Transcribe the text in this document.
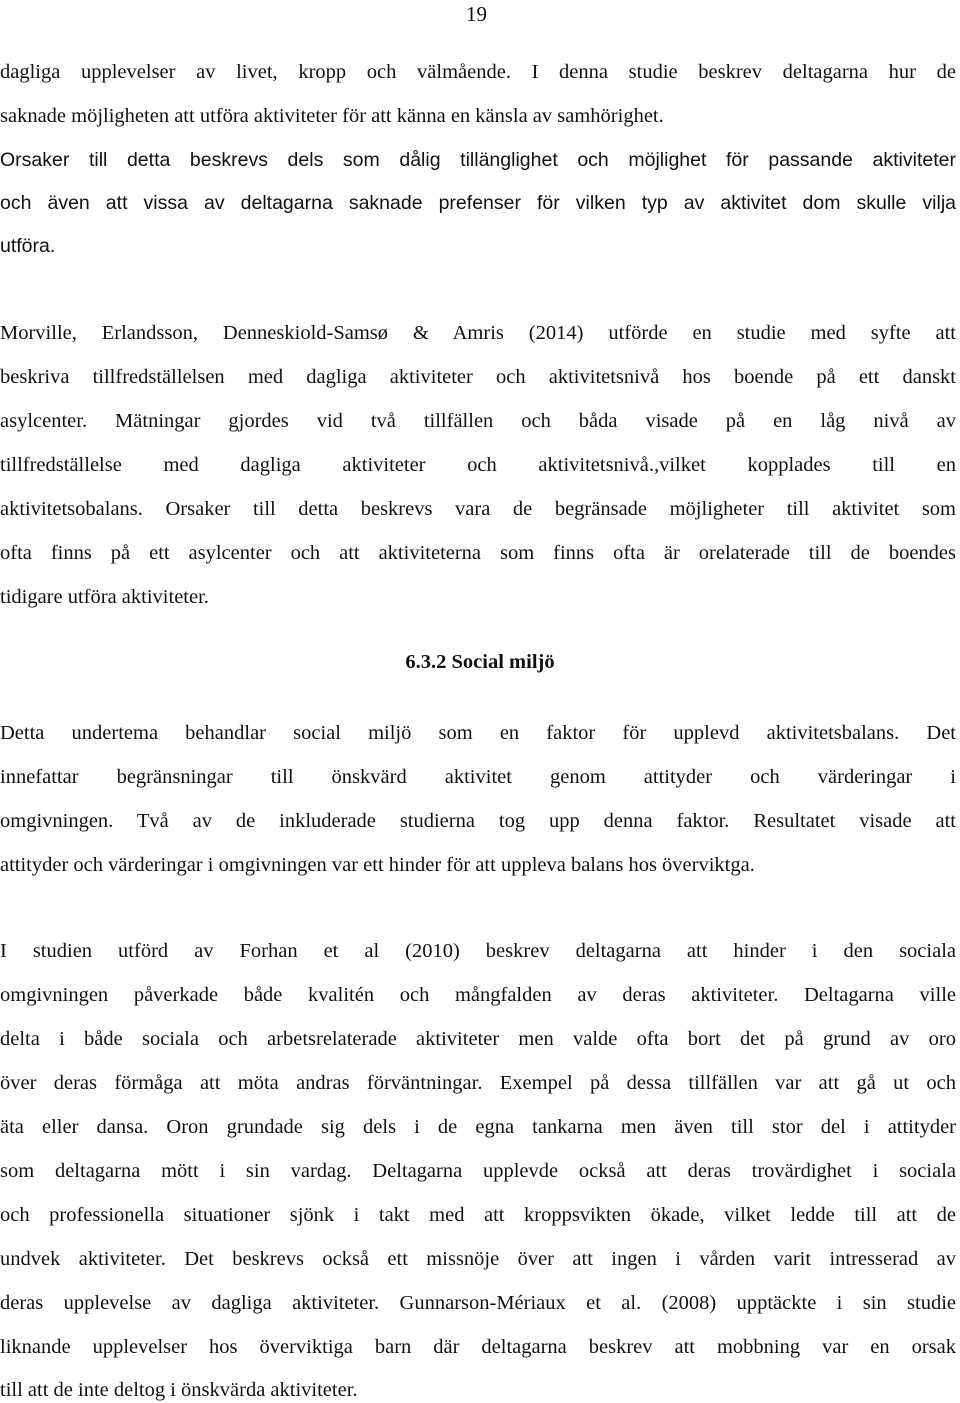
19
dagliga upplevelser av livet, kropp och välmående. I denna studie beskrev deltagarna hur de
saknade möjligheten att utföra aktiviteter för att känna en känsla av samhörighet.
Orsaker till detta beskrevs dels som dålig tillänglighet och möjlighet för passande aktiviteter
och även att vissa av deltagarna saknade prefenser för vilken typ av aktivitet dom skulle vilja
utföra.
Morville, Erlandsson, Denneskiold-Samsø & Amris (2014) utförde en studie med syfte att
beskriva tillfredställelsen med dagliga aktiviteter och aktivitetsnivå hos boende på ett danskt
asylcenter. Mätningar gjordes vid två tillfällen och båda visade på en låg nivå av
tillfredställelse med dagliga aktiviteter och aktivitetsnivå.,vilket kopplades till en
aktivitetsobalans. Orsaker till detta beskrevs vara de begränsade möjligheter till aktivitet som
ofta finns på ett asylcenter och att aktiviteterna som finns ofta är orelaterade till de boendes
tidigare utföra aktiviteter.
6.3.2 Social miljö
Detta undertema behandlar social miljö som en faktor för upplevd aktivitetsbalans. Det
innefattar begränsningar till önskvärd aktivitet genom attityder och värderingar i
omgivningen. Två av de inkluderade studierna tog upp denna faktor. Resultatet visade att
attityder och värderingar i omgivningen var ett hinder för att uppleva balans hos överviktga.
I studien utförd av Forhan et al (2010) beskrev deltagarna att hinder i den sociala
omgivningen påverkade både kvalitén och mångfalden av deras aktiviteter. Deltagarna ville
delta i både sociala och arbetsrelaterade aktiviteter men valde ofta bort det på grund av oro
över deras förmåga att möta andras förväntningar. Exempel på dessa tillfällen var att gå ut och
äta eller dansa. Oron grundade sig dels i de egna tankarna men även till stor del i attityder
som deltagarna mött i sin vardag. Deltagarna upplevde också att deras trovärdighet i sociala
och professionella situationer sjönk i takt med att kroppsvikten ökade, vilket ledde till att de
undvek aktiviteter. Det beskrevs också ett missnöje över att ingen i vården varit intresserad av
deras upplevelse av dagliga aktiviteter. Gunnarson-Mériaux et al. (2008) upptäckte i sin studie
liknande upplevelser hos överviktiga barn där deltagarna beskrev att mobbning var en orsak
till att de inte deltog i önskvärda aktiviteter.
